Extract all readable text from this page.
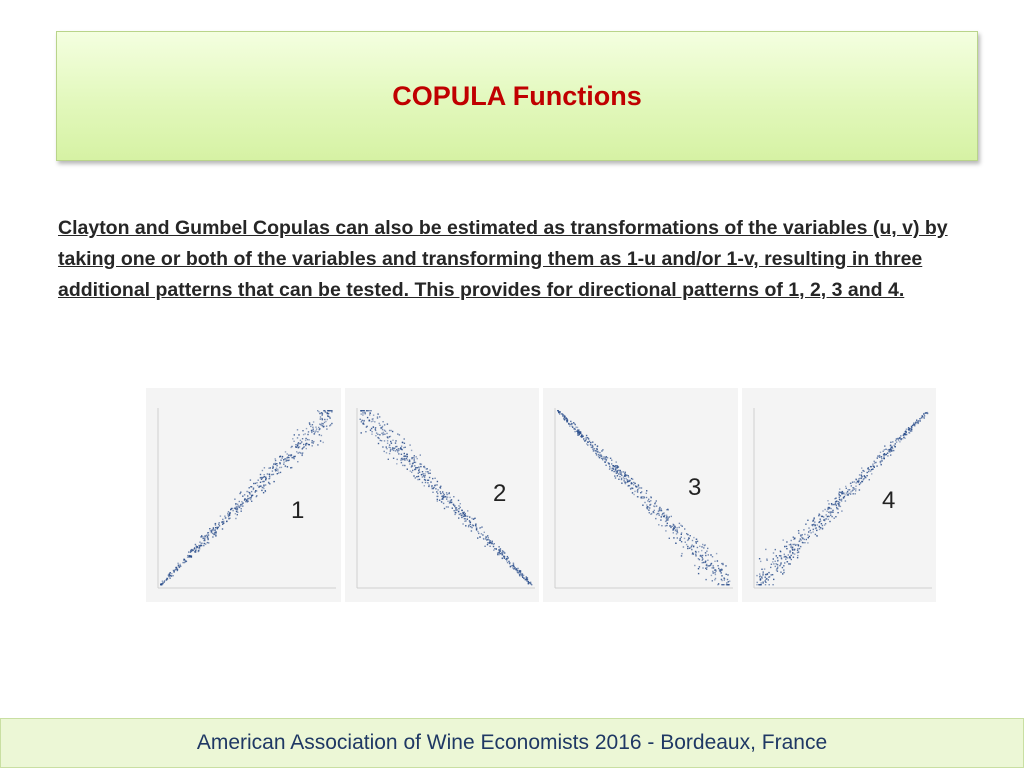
COPULA Functions
Clayton and Gumbel Copulas can also be estimated as transformations of the variables (u, v) by taking one or both of the variables and transforming them as 1-u and/or 1-v, resulting in three additional patterns that can be tested. This provides for directional patterns of 1, 2, 3 and 4.
1
2	3	4
American Association of Wine Economists 2016 - Bordeaux, France
